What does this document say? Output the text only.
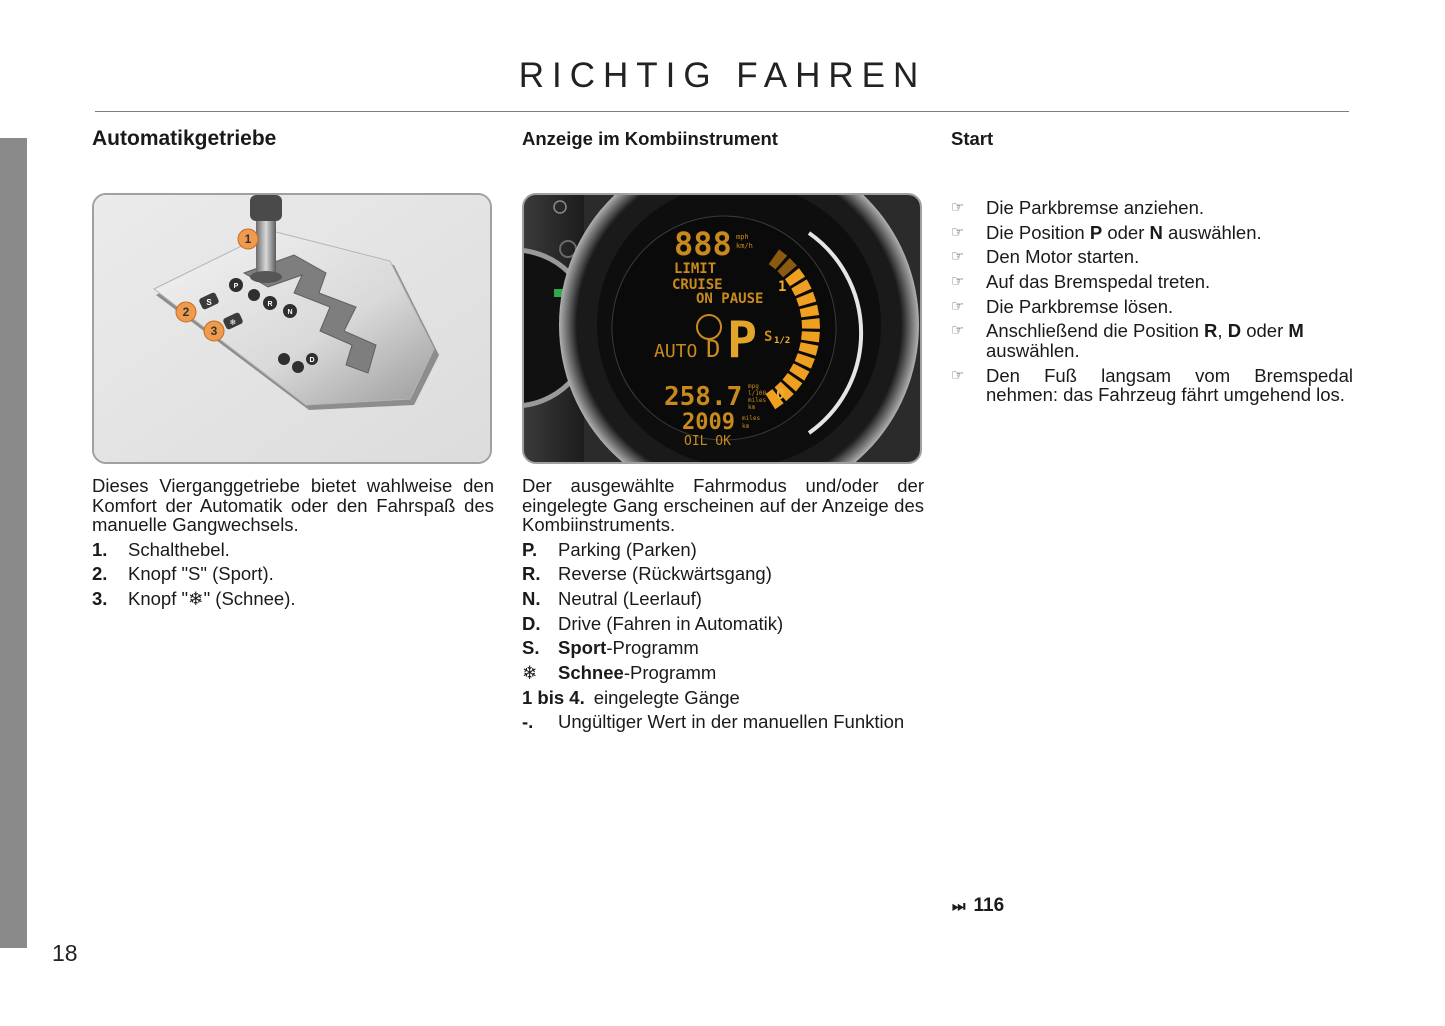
18
RICHTIG FAHREN
Automatikgetriebe
P
R
N
D
S
❄
1
2
3

Dieses Vierganggetriebe bietet wahlweise den Komfort der Automatik oder den Fahrspaß des manuelle Gangwechsels.

1.	Schalthebel.
2.	Knopf "S" (Sport).
3.	Knopf "❄" (Schnee).
Anzeige im Kombiinstrument
888 mph
km/h
LIMIT
CRUISE
ON PAUSE
AUTO D P S 1/2
1
0
258.7 mpg
l/100
miles
km
2009 miles
km
OIL OK

Der ausgewählte Fahrmodus und/oder der eingelegte Gang erscheinen auf der Anzeige des Kombiinstruments.

P.	Parking (Parken)
R. Reverse (Rückwärtsgang)
N. Neutral (Leerlauf)
D. Drive (Fahren in Automatik)
S.	Sport-Programm
❄	Schnee-Programm
1 bis 4. eingelegte Gänge
-.	Ungültiger Wert in der manuellen Funktion
Start
☞	Die Parkbremse anziehen.
☞	Die Position P oder N auswählen.
☞	Den Motor starten.
☞	Auf das Bremspedal treten.
☞	Die Parkbremse lösen.
☞	Anschließend die Position R, D oder M auswählen.
☞	Den Fuß langsam vom Bremspedal nehmen: das Fahrzeug fährt umgehend los.
⏭ 116
